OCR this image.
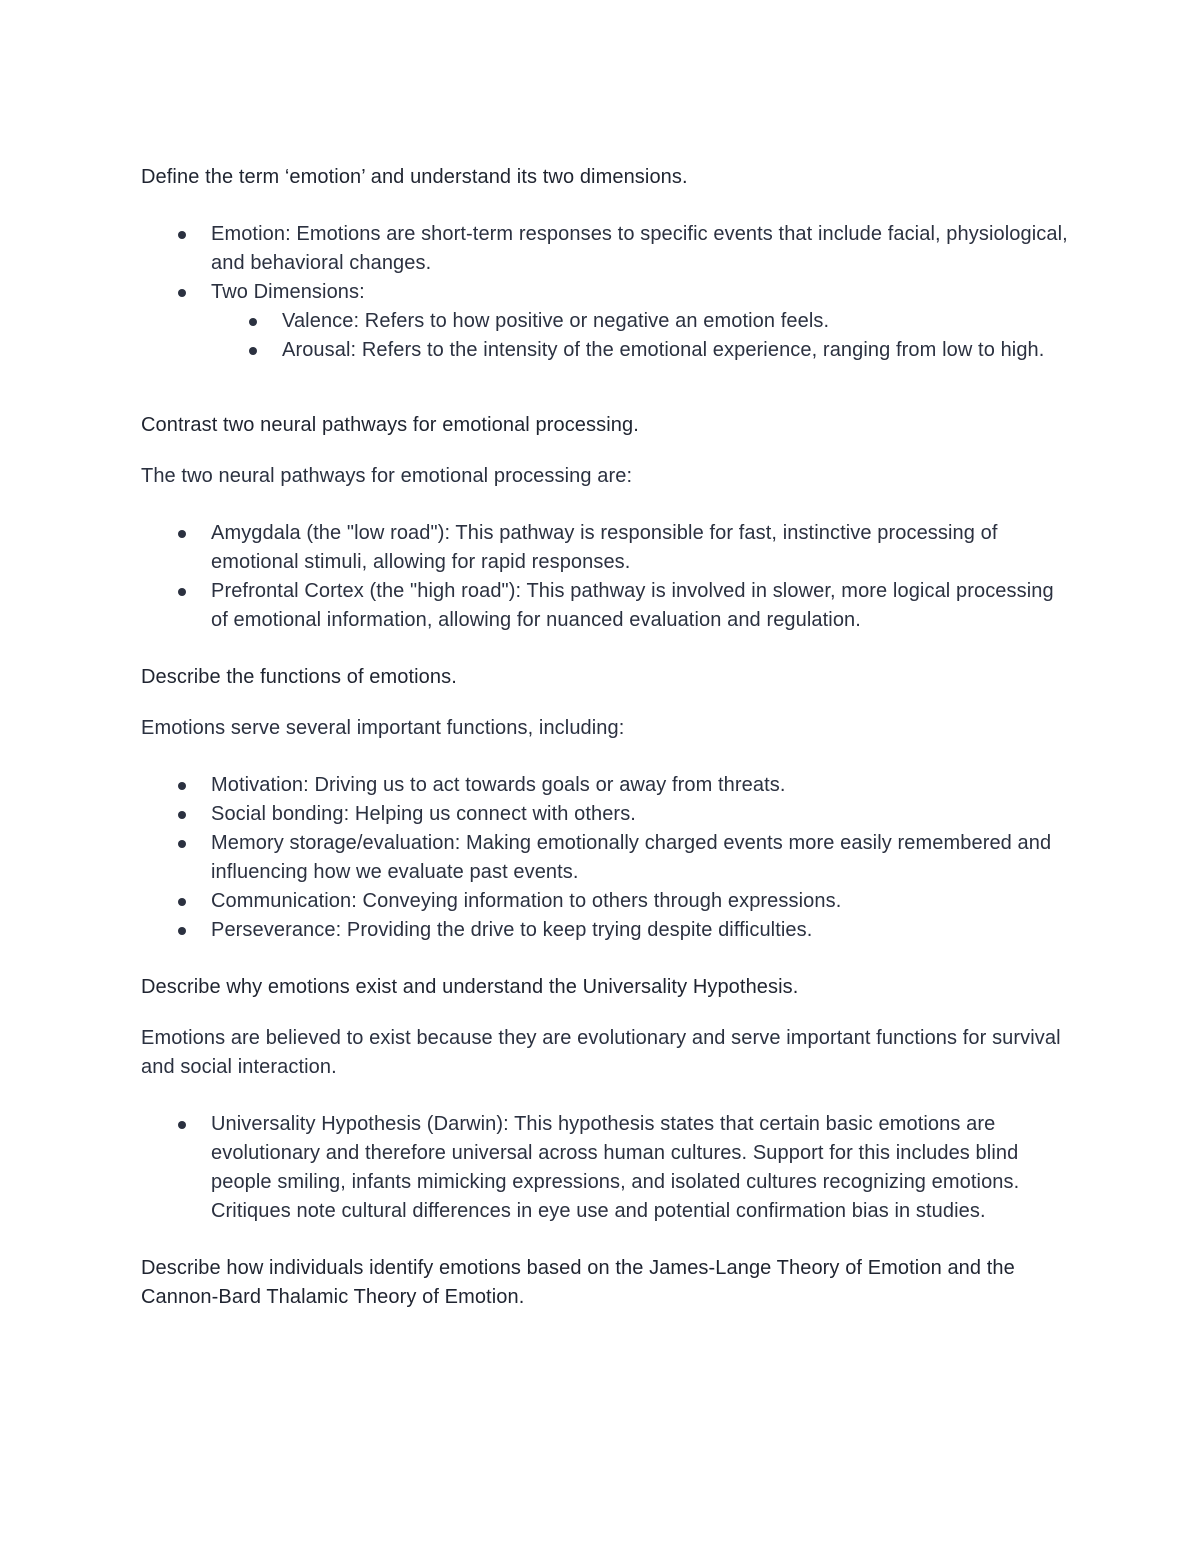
Define the term ‘emotion’ and understand its two dimensions.

Emotion: Emotions are short-term responses to specific events that include facial, physiological, and behavioral changes.
Two Dimensions:
Valence: Refers to how positive or negative an emotion feels.
Arousal: Refers to the intensity of the emotional experience, ranging from low to high.

Contrast two neural pathways for emotional processing.

The two neural pathways for emotional processing are:

Amygdala (the "low road"): This pathway is responsible for fast, instinctive processing of emotional stimuli, allowing for rapid responses.
Prefrontal Cortex (the "high road"): This pathway is involved in slower, more logical processing of emotional information, allowing for nuanced evaluation and regulation.

Describe the functions of emotions.

Emotions serve several important functions, including:

Motivation: Driving us to act towards goals or away from threats.
Social bonding: Helping us connect with others.
Memory storage/evaluation: Making emotionally charged events more easily remembered and influencing how we evaluate past events.
Communication: Conveying information to others through expressions.
Perseverance: Providing the drive to keep trying despite difficulties.

Describe why emotions exist and understand the Universality Hypothesis.

Emotions are believed to exist because they are evolutionary and serve important functions for survival and social interaction.

Universality Hypothesis (Darwin): This hypothesis states that certain basic emotions are evolutionary and therefore universal across human cultures. Support for this includes blind people smiling, infants mimicking expressions, and isolated cultures recognizing emotions. Critiques note cultural differences in eye use and potential confirmation bias in studies.

Describe how individuals identify emotions based on the James-Lange Theory of Emotion and the Cannon-Bard Thalamic Theory of Emotion.
